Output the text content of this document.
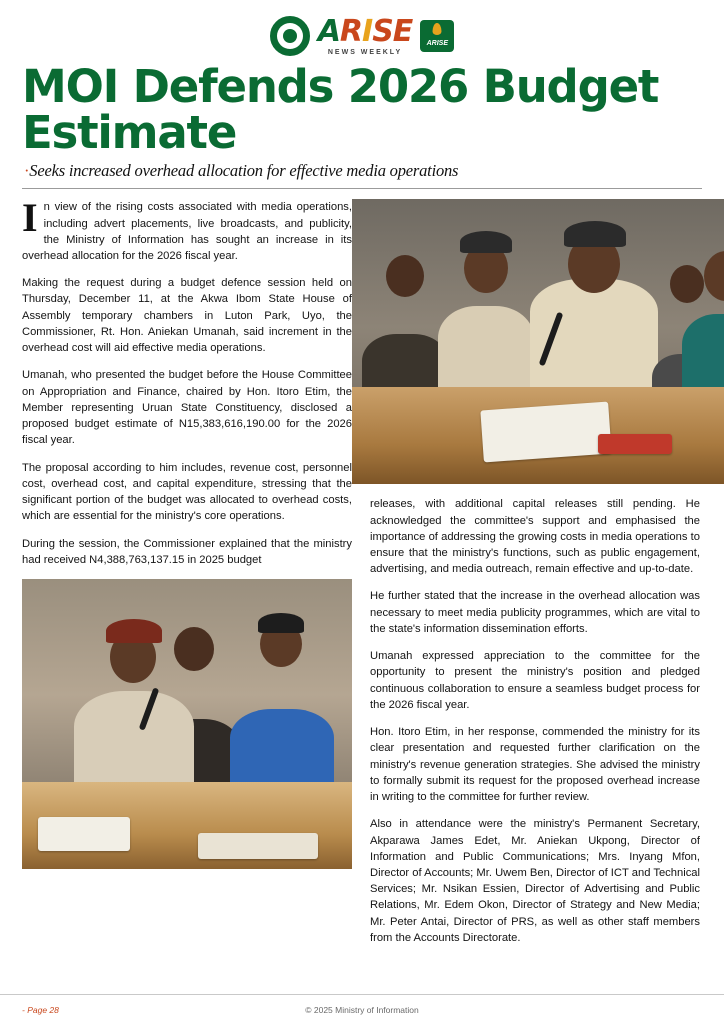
ARISE
NEWS WEEKLY
ARISE
MOI Defends 2026 Budget Estimate
·Seeks increased overhead allocation for effective media operations

In view of the rising costs associated with media operations, including advert placements, live broadcasts, and publicity, the Ministry of Information has sought an increase in its overhead allocation for the 2026 fiscal year.

Making the request during a budget defence session held on Thursday, December 11, at the Akwa Ibom State House of Assembly temporary chambers in Luton Park, Uyo, the Commissioner, Rt. Hon. Aniekan Umanah, said increment in the overhead cost will aid effective media operations.

Umanah, who presented the budget before the House Committee on Appropriation and Finance, chaired by Hon. Itoro Etim, the Member representing Uruan State Constituency, disclosed a proposed budget estimate of N15,383,616,190.00 for the 2026 fiscal year.

The proposal according to him includes, revenue cost, personnel cost, overhead cost, and capital expenditure, stressing that the significant portion of the budget was allocated to overhead costs, which are essential for the ministry's core operations.

During the session, the Commissioner explained that the ministry had received N4,388,763,137.15 in 2025 budget

releases, with additional capital releases still pending. He acknowledged the committee's support and emphasised the importance of addressing the growing costs in media operations to ensure that the ministry's functions, such as public engagement, advertising, and media outreach, remain effective and up-to-date.

He further stated that the increase in the overhead allocation was necessary to meet media publicity programmes, which are vital to the state's information dissemination efforts.

Umanah expressed appreciation to the committee for the opportunity to present the ministry's position and pledged continuous collaboration to ensure a seamless budget process for the 2026 fiscal year.

Hon. Itoro Etim, in her response, commended the ministry for its clear presentation and requested further clarification on the ministry's revenue generation strategies. She advised the ministry to formally submit its request for the proposed overhead increase in writing to the committee for further review.

Also in attendance were the ministry's Permanent Secretary, Akparawa James Edet, Mr. Aniekan Ukpong, Director of Information and Public Communications; Mrs. Inyang Mfon, Director of Accounts; Mr. Uwem Ben, Director of ICT and Technical Services; Mr. Nsikan Essien, Director of Advertising and Public Relations, Mr. Edem Okon, Director of Strategy and New Media; Mr. Peter Antai, Director of PRS, as well as other staff members from the Accounts Directorate.

- Page 28	© 2025 Ministry of Information
